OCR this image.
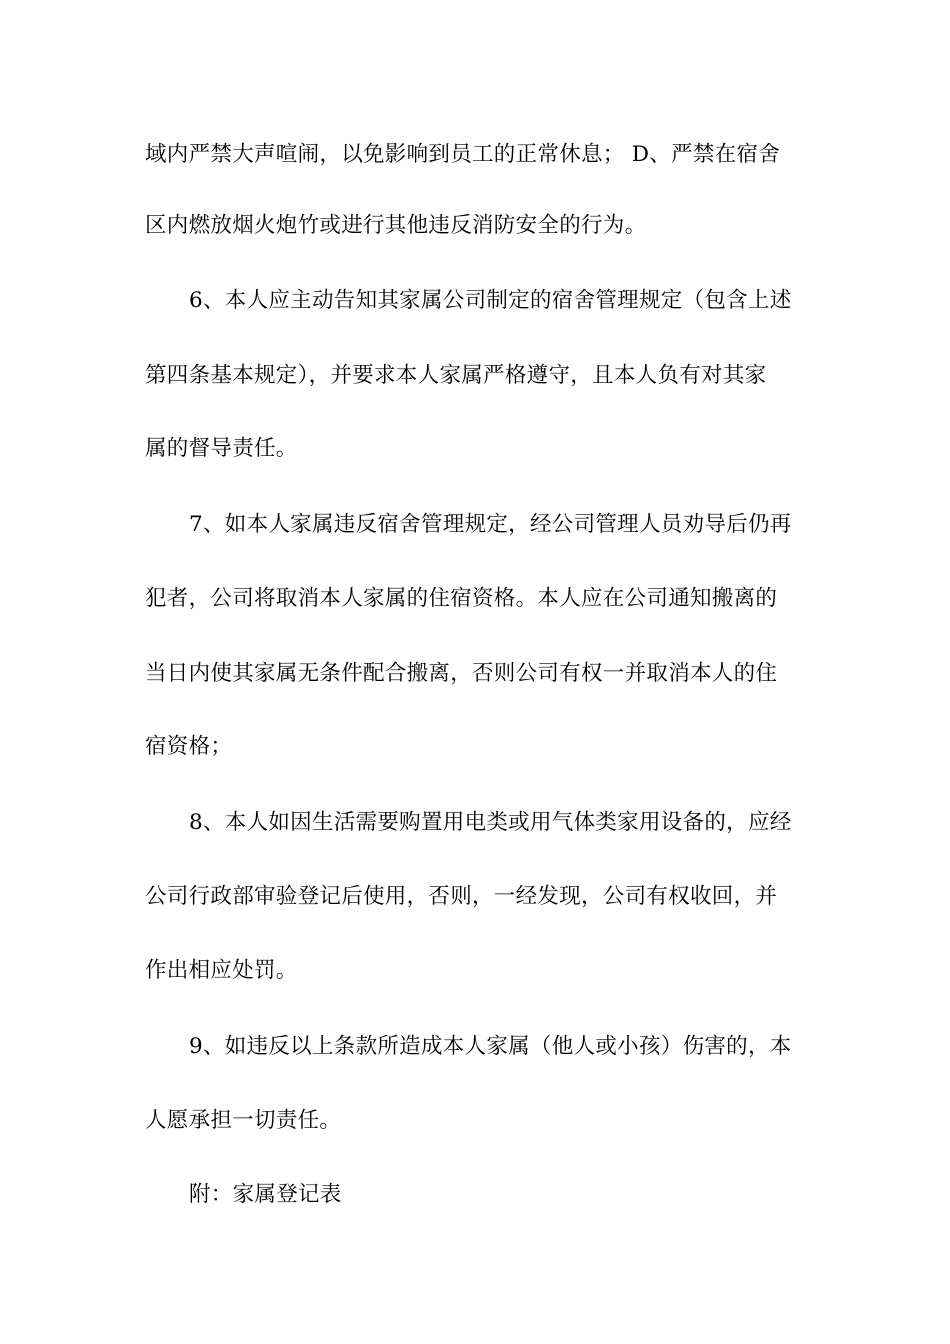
域内严禁大声喧闹，以免影响到员工的正常休息； D、严禁在宿舍
区内燃放烟火炮竹或进行其他违反消防安全的行为。
6、本人应主动告知其家属公司制定的宿舍管理规定（包含上述
第四条基本规定），并要求本人家属严格遵守，且本人负有对其家
属的督导责任。
7、如本人家属违反宿舍管理规定，经公司管理人员劝导后仍再
犯者，公司将取消本人家属的住宿资格。本人应在公司通知搬离的
当日内使其家属无条件配合搬离，否则公司有权一并取消本人的住
宿资格；
8、本人如因生活需要购置用电类或用气体类家用设备的，应经
公司行政部审验登记后使用，否则，一经发现，公司有权收回，并
作出相应处罚。
9、如违反以上条款所造成本人家属（他人或小孩）伤害的，本
人愿承担一切责任。
附：家属登记表
